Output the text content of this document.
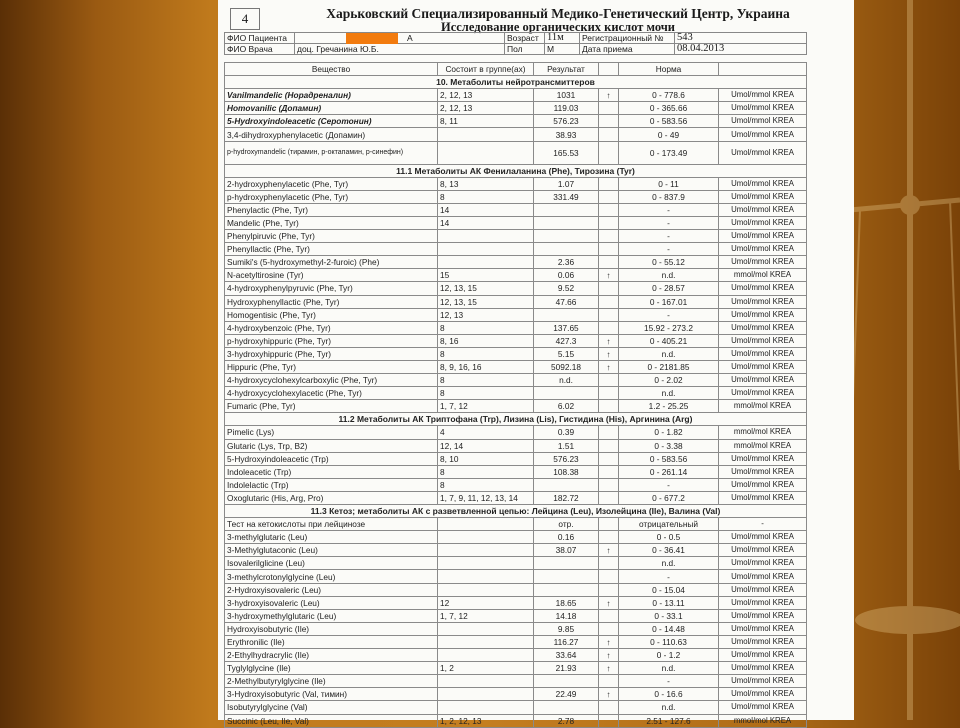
4	Харьковский Специализированный Медико-Генетический Центр, Украина
Исследование органических кислот мочи
ФИО Пациента	А	Возраст	11м	Регистрационный №	543
ФИО Врача	доц. Гречанина Ю.Б.	Пол	М	Дата приема	08.04.2013
Вещество	Состоит в группе(ах)	Результат		Норма	
10. Метаболиты нейротрансмиттеров					
Vanilmandelic (Норадреналин)	2, 12, 13	1031	↑	0 - 778.6	Umol/mmol KREA
Homovanilic (Допамин)	2, 12, 13	119.03		0 - 365.66	Umol/mmol KREA
5-Hydroxyindoleacetic (Серотонин)	8, 11	576.23		0 - 583.56	Umol/mmol KREA
3,4-dihydroxyphenylacetic (Допамин)		38.93		0 - 49	Umol/mmol KREA
p-hydroxymandelic (тирамин, р-октапамин, р-синефин)		165.53		0 - 173.49	Umol/mmol KREA
11.1 Метаболиты АК Фенилаланина (Phe), Тирозина (Tyr)					
2-hydroxyphenylacetic (Phe, Tyr)	8, 13	1.07		0 - 11	Umol/mmol KREA
p-hydroxyphenylacetic (Phe, Tyr)	8	331.49		0 - 837.9	Umol/mmol KREA
Phenylactic (Phe, Tyr)	14			-	Umol/mmol KREA
Mandelic (Phe, Tyr)	14			-	Umol/mmol KREA
Phenylpiruvic (Phe, Tyr)				-	Umol/mmol KREA
Phenyllactic (Phe, Tyr)				-	Umol/mmol KREA
Sumiki's (5-hydroxymethyl-2-furoic) (Phe)		2.36		0 - 55.12	Umol/mmol KREA
N-acetyltirosine (Tyr)	15	0.06	↑	n.d.	mmol/mol KREA
4-hydroxyphenylpyruvic (Phe, Tyr)	12, 13, 15	9.52		0 - 28.57	Umol/mmol KREA
Hydroxyphenyllactic (Phe, Tyr)	12, 13, 15	47.66		0 - 167.01	Umol/mmol KREA
Homogentisic (Phe, Tyr)	12, 13			-	Umol/mmol KREA
4-hydroxybenzoic (Phe, Tyr)	8	137.65		15.92 - 273.2	Umol/mmol KREA
p-hydroxyhippuric (Phe, Tyr)	8, 16	427.3	↑	0 - 405.21	Umol/mmol KREA
3-hydroxyhippuric (Phe, Tyr)	8	5.15	↑	n.d.	Umol/mmol KREA
Hippuric (Phe, Tyr)	8, 9, 16, 16	5092.18	↑	0 - 2181.85	Umol/mmol KREA
4-hydroxycyclohexylcarboxylic (Phe, Tyr)	8	n.d.		0 - 2.02	Umol/mmol KREA
4-hydroxycyclohexylacetic (Phe, Tyr)	8			n.d.	Umol/mmol KREA
Fumaric (Phe, Tyr)	1, 7, 12	6.02		1.2 - 25.25	mmol/mol KREA
11.2 Метаболиты АК Триптофана (Trp), Лизина (Lis), Гистидина (His), Аргинина (Arg)					
Pimelic (Lys)	4	0.39		0 - 1.82	mmol/mol KREA
Glutaric (Lys, Trp, B2)	12, 14	1.51		0 - 3.38	mmol/mol KREA
5-Hydroxyindoleacetic (Trp)	8, 10	576.23		0 - 583.56	Umol/mmol KREA
Indoleacetic (Trp)	8	108.38		0 - 261.14	Umol/mmol KREA
Indolelactic (Trp)	8			-	Umol/mmol KREA
Oxoglutaric (His, Arg, Pro)	1, 7, 9, 11, 12, 13, 14	182.72		0 - 677.2	Umol/mmol KREA
11.3 Кетоз; метаболиты АК с разветвленной цепью: Лейцина (Leu), Изолейцина (Ile), Валина (Val)					
Тест на кетокислоты при лейцинозе		отр.		отрицательный	-
3-methylglutaric (Leu)		0.16		0 - 0.5	Umol/mmol KREA
3-Methylglutaconic (Leu)		38.07	↑	0 - 36.41	Umol/mmol KREA
Isovalerilglicine (Leu)				n.d.	Umol/mmol KREA
3-methylcrotonylglycine (Leu)				-	Umol/mmol KREA
2-Hydroxyisovaleric (Leu)				0 - 15.04	Umol/mmol KREA
3-hydroxyisovaleric (Leu)	12	18.65	↑	0 - 13.11	Umol/mmol KREA
3-hydroxymethylglutaric (Leu)	1, 7, 12	14.18		0 - 33.1	Umol/mmol KREA
Hydroxyisobutyric (Ile)		9.85		0 - 14.48	Umol/mmol KREA
Erythronilic (Ile)		116.27	↑	0 - 110.63	Umol/mmol KREA
2-Ethylhydracrylic (Ile)		33.64	↑	0 - 1.2	Umol/mmol KREA
Tyglylglycine (Ile)	1, 2	21.93	↑	n.d.	Umol/mmol KREA
2-Methylbutyrylglycine (Ile)				-	Umol/mmol KREA
3-Hydroxyisobutyric (Val, тимин)		22.49	↑	0 - 16.6	Umol/mmol KREA
Isobutyrylglycine (Val)				n.d.	Umol/mmol KREA
Succinic (Leu, Ile, Val)	1, 2, 12, 13	2.78		2.51 - 127.6	mmol/mol KREA
